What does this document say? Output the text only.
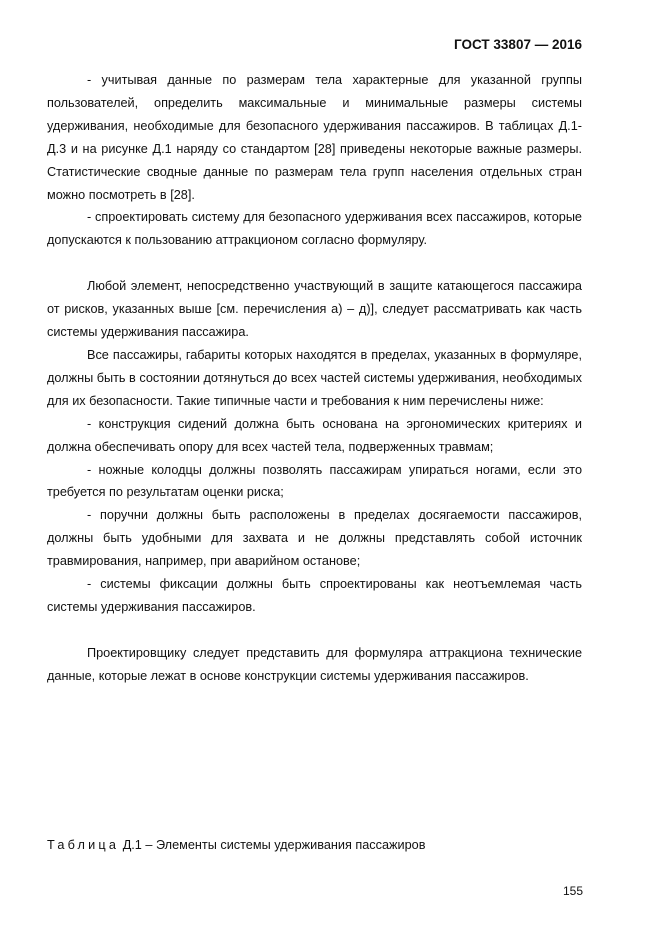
ГОСТ 33807 — 2016

- учитывая данные по размерам тела характерные для указанной группы пользователей, определить максимальные и минимальные размеры системы удерживания, необходимые для безопасного удерживания пассажиров. В таблицах Д.1- Д.3 и на рисунке Д.1 наряду со стандартом [28] приведены некоторые важные размеры. Статистические сводные данные по размерам тела групп населения отдельных стран можно посмотреть в [28].

- спроектировать систему для безопасного удерживания всех пассажиров, которые допускаются к пользованию аттракционом согласно формуляру.

Любой элемент, непосредственно участвующий в защите катающегося пассажира от рисков, указанных выше [см. перечисления а) – д)], следует рассматривать как часть системы удерживания пассажира.

Все пассажиры, габариты которых находятся в пределах, указанных в формуляре, должны быть в состоянии дотянуться до всех частей системы удерживания, необходимых для их безопасности. Такие типичные части и требования к ним перечислены ниже:

- конструкция сидений должна быть основана на эргономических критериях и должна обеспечивать опору для всех частей тела, подверженных травмам;

- ножные колодцы должны позволять пассажирам упираться ногами, если это требуется по результатам оценки риска;

- поручни должны быть расположены в пределах досягаемости пассажиров, должны быть удобными для захвата и не должны представлять собой источник травмирования, например, при аварийном останове;

- системы фиксации должны быть спроектированы как неотъемлемая часть системы удерживания пассажиров.

Проектировщику следует представить для формуляра аттракциона технические данные, которые лежат в основе конструкции системы удерживания пассажиров.

Таблица Д.1 – Элементы системы удерживания пассажиров
155
